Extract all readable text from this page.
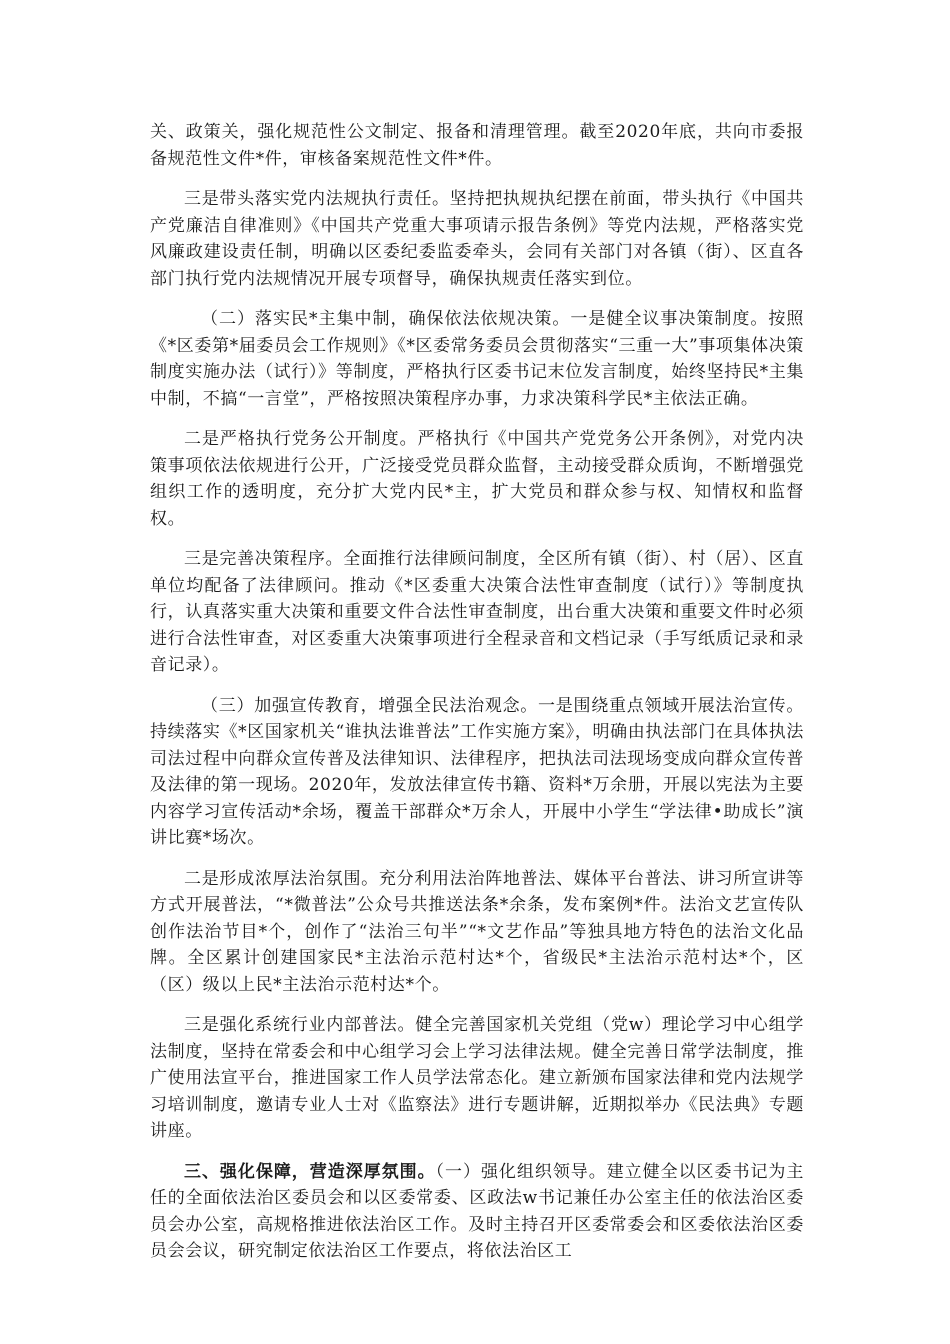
关、政策关，强化规范性公文制定、报备和清理管理。截至2020年底，共向市委报备规范性文件*件，审核备案规范性文件*件。

三是带头落实党内法规执行责任。坚持把执规执纪摆在前面，带头执行《中国共产党廉洁自律准则》《中国共产党重大事项请示报告条例》等党内法规，严格落实党风廉政建设责任制，明确以区委纪委监委牵头，会同有关部门对各镇（街）、区直各部门执行党内法规情况开展专项督导，确保执规责任落实到位。

（二）落实民*主集中制，确保依法依规决策。一是健全议事决策制度。按照《*区委第*届委员会工作规则》《*区委常务委员会贯彻落实“三重一大”事项集体决策制度实施办法（试行）》等制度，严格执行区委书记末位发言制度，始终坚持民*主集中制，不搞“一言堂”，严格按照决策程序办事，力求决策科学民*主依法正确。

二是严格执行党务公开制度。严格执行《中国共产党党务公开条例》，对党内决策事项依法依规进行公开，广泛接受党员群众监督，主动接受群众质询，不断增强党组织工作的透明度，充分扩大党内民*主，扩大党员和群众参与权、知情权和监督权。

三是完善决策程序。全面推行法律顾问制度，全区所有镇（街）、村（居）、区直单位均配备了法律顾问。推动《*区委重大决策合法性审查制度（试行）》等制度执行，认真落实重大决策和重要文件合法性审查制度，出台重大决策和重要文件时必须进行合法性审查，对区委重大决策事项进行全程录音和文档记录（手写纸质记录和录音记录）。

（三）加强宣传教育，增强全民法治观念。一是围绕重点领域开展法治宣传。持续落实《*区国家机关“谁执法谁普法”工作实施方案》，明确由执法部门在具体执法司法过程中向群众宣传普及法律知识、法律程序，把执法司法现场变成向群众宣传普及法律的第一现场。2020年，发放法律宣传书籍、资料*万余册，开展以宪法为主要内容学习宣传活动*余场，覆盖干部群众*万余人，开展中小学生“学法律•助成长”演讲比赛*场次。

二是形成浓厚法治氛围。充分利用法治阵地普法、媒体平台普法、讲习所宣讲等方式开展普法，“*微普法”公众号共推送法条*余条，发布案例*件。法治文艺宣传队创作法治节目*个，创作了“法治三句半”“*文艺作品”等独具地方特色的法治文化品牌。全区累计创建国家民*主法治示范村达*个，省级民*主法治示范村达*个，区（区）级以上民*主法治示范村达*个。

三是强化系统行业内部普法。健全完善国家机关党组（党w）理论学习中心组学法制度，坚持在常委会和中心组学习会上学习法律法规。健全完善日常学法制度，推广使用法宣平台，推进国家工作人员学法常态化。建立新颁布国家法律和党内法规学习培训制度，邀请专业人士对《监察法》进行专题讲解，近期拟举办《民法典》专题讲座。

三、强化保障，营造深厚氛围。（一）强化组织领导。建立健全以区委书记为主任的全面依法治区委员会和以区委常委、区政法w书记兼任办公室主任的依法治区委员会办公室，高规格推进依法治区工作。及时主持召开区委常委会和区委依法治区委员会会议，研究制定依法治区工作要点，将依法治区工
